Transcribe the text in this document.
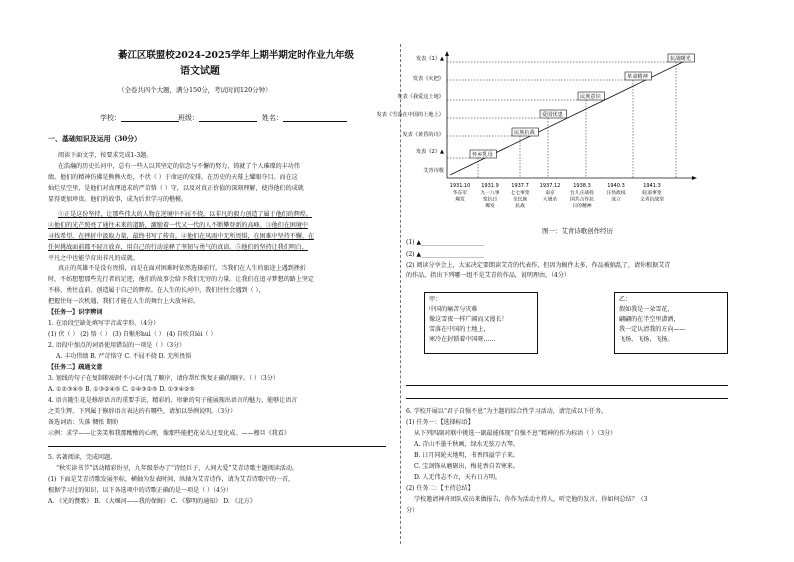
綦江区联盟校2024-2025学年上期半期定时作业九年级
语文试题
（全卷共四个大题，满分150分，考试时间120分钟）
学校：	班级：	姓名：
一、基础知识及运用（30分）
阅读下面文字，按要求完成1-3题。
在浩瀚的历史长河中，总有一些人以其坚定的信念与不懈的努力，铸就了个人璀璨的丰功伟
绩。他们的精神仿佛是熊熊火炬，不伏（ ）于命运的安排，在历史的天幕上耀眼夺目。而在这
灿烂星空里，是他们对真理追求的严苛恪（ ）守，以及对真正价值的深刻理解，使得他们的成就
显得更加珍贵。他们的故事，成为后世学习的楷模。
①正是这份坚持，让那些伟大的人物在逆境中不屈不挠，以非凡的毅力创造了属于他们的辉煌。
②他们的光芒照亮了通往未来的道路，激励着一代又一代的人不断攀登新的高峰。③他们在困境中
寻找希望，在挫折中汲取力量，最终书写了传奇。④他们在风雨中无所畏惧，在困难中坚持不懈，在
任何挑战面前都不轻言放弃，用自己的行动诠释了坚韧与勇气的真谛。⑤他们的坚持让我们明白，
平凡之中也能孕育出非凡的成就。
真正的英雄不是没有畏惧，而是在面对困难时依然选择前行。当我们在人生的旅途上遇到挫折
时，不妨想想那些先行者的足迹，他们的故事会给予我们无穷的力量。让我们在追寻梦想的路上坚定
不移，勇往直前，创造属于自己的辉煌。在人生的长河中，我们往往会遇到（ ），
把握住每一次机遇，我们才能在人生的舞台上大放异彩。
【任务一】识字辨词
1. 在语段空缺处填写字音或字形。（4分）
(1) 伏（ ） (2) 恪（ ） (3) 自惭形huì（ ） (4) 自吹自lèi（ ）
2. 语段中加点的词语使用错误的一项是（ ）（3分）
A. 丰功伟绩 B. 严苛恪守 C. 不屈不挠 D. 无所畏惧
【任务二】疏通文意
3. 划线的句子在复制粘贴时不小心打乱了顺序，请你帮忙恢复正确的顺序。（ ）（3分）
A. ①②③④⑤ B. ①③②④⑤ C. ①④③②⑤ D. ①③④②⑤
4. 语言随生花是修辞语言的重要手法，精彩的、形象的句子能展现出语言的魅力，能够让语言
之美生辉，下列属于修辞语言表达的有哪些，请加以举例说明。（3分）
备选词语：失落 惆怅 期盼
示例：求学——让笑笑和我那酸酸的心理，像那些能把花朵儿过变化成。——穆旦《我看》
5. 名著阅读，完成问题。
“秋实读书节”活动精彩纷呈，九年级举办了“诗经巨子，人间大爱”艾青诗歌主题阅读活动。
(1) 下面是艾青诗歌发展坐标，横轴为发表时间，纵轴为艾青诗作，请为艾青诗歌中的一首，
根据学习过的知识，以下各选项中的诗歌正确的是一项是（ ）（4分）
A. 《光的赞歌》 B. 《大堰河——我的保姆》 C. 《黎明的通知》 D. 《北方》
发表《1》▲
发表《火把》
发表《我爱这土地》
发表《雪落在中国的土地上》
发表《黄昏的诗》
发表《2》▲
艾青诗歌
怀乡乳母
民族抗战
爱国忧患
民族意识
革命精神
抗战曙光
1931.10
华东军
爆发
1931.9
九一八事
变抗日
爆发
1937.7
七七事变
全民族
抗战
1937.12
南京
大屠杀
1938.3
台儿庄战役
国共合作抗
日的精神
1940.3
汪伪政权
成立
1941.3
皖南事变
文青抗战坚
图一：艾青诗歌创作经历
(1) ▲_____________________
(2) ▲_____________________
(2) 阅读分享会上，大家决定要朗读艾青的代表作，但因为稿件太多，作品被搞乱了，请你根据艾青
的作品，指出下列哪一组不是艾青的作品，说明理由。（4分）
甲：
中国的痛苦与灾难
像这雪夜一样广阔而又漫长！
雪落在中国的土地上，
寒冷在封锁着中国呀……
乙：
假如我是一朵雪花，
翩翩的在半空里潇洒，
我一定认清我的方向——
飞扬，飞扬，飞扬。
6. 学校开展以“君子自强不息”为主题的综合性学习活动，请完成以下任务。
(1) 任务一：【选择标语】
从下列四副对联中挑选一副最能体现“自强不息”精神的作为标语（ ）（3分）
A. 青山不墨千秋画，绿水无弦万古琴。
B. 日月同轮天地明，书香四溢学子来。
C. 宝剑锋从磨砺出，梅花香自苦寒来。
D. 人无伟志不立，天有日方明。
(2) 任务二：【主持总结】
学校邀请神舟团队成员来做报告，你作为活动主持人，听完他的发言，你如何总结？（3
分）
